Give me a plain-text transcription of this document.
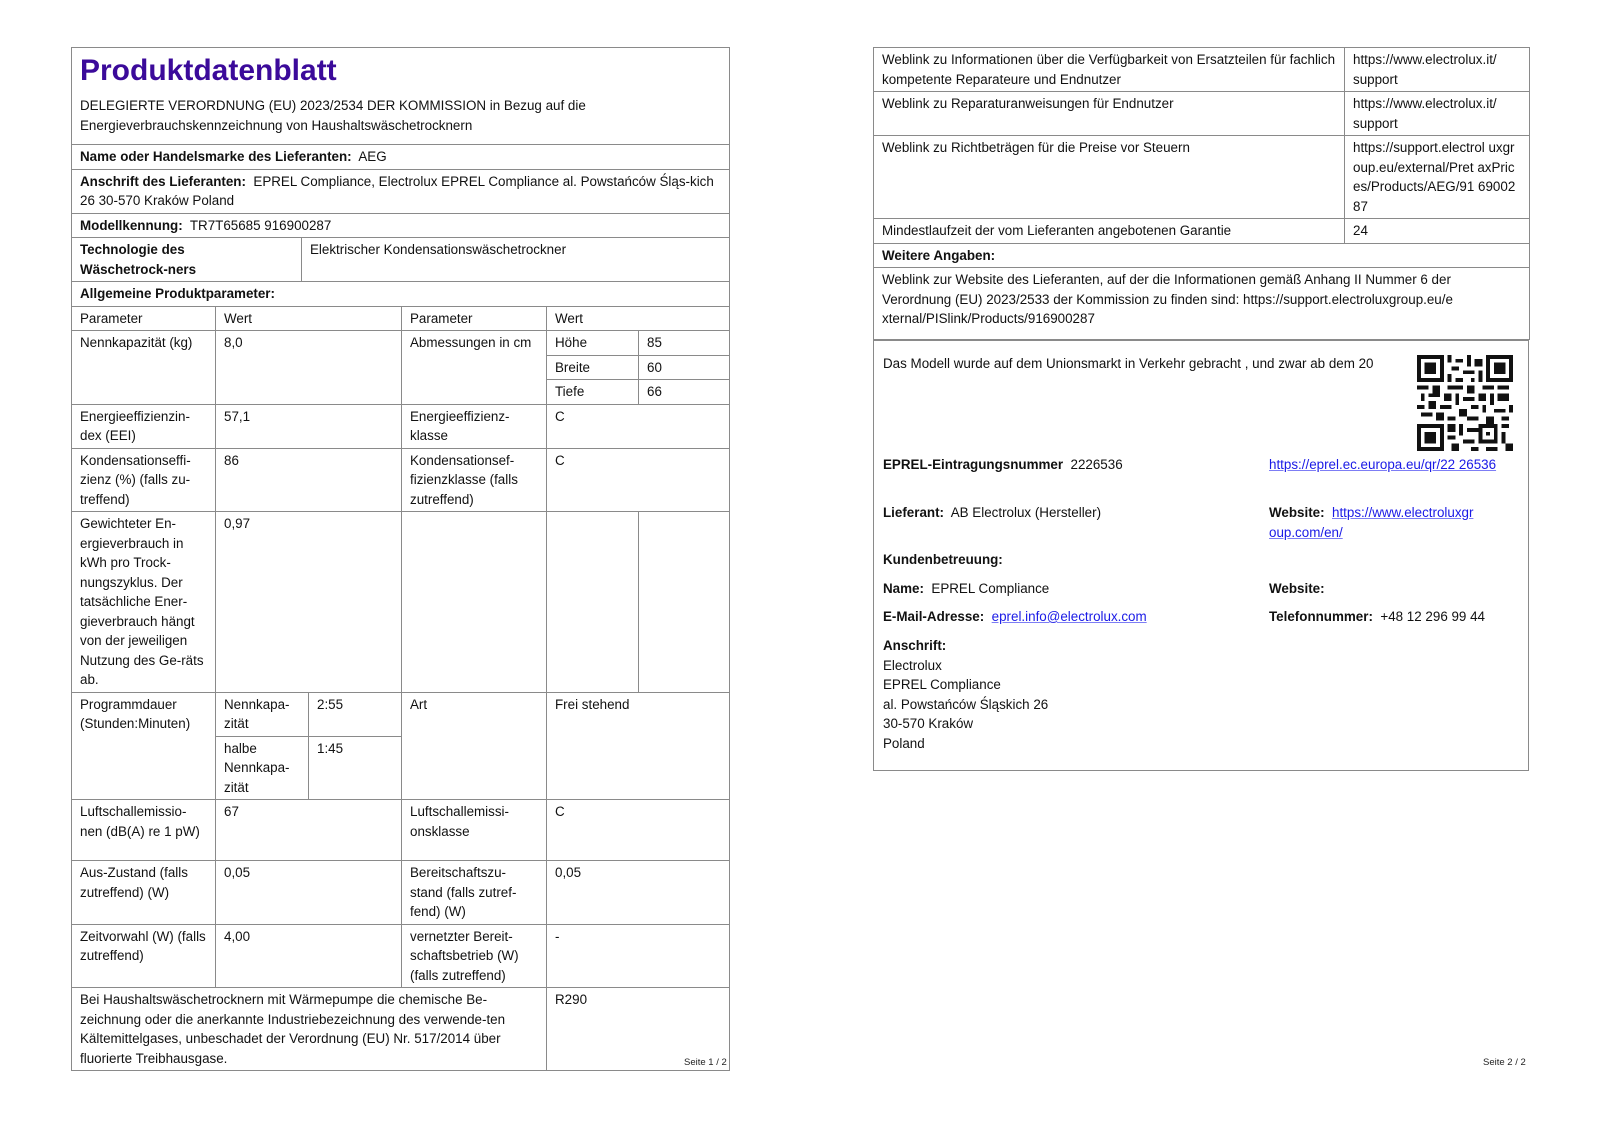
Produktdatenblatt
DELEGIERTE VERORDNUNG (EU) 2023/2534 DER KOMMISSION in Bezug auf die Energieverbrauchskennzeichnung von Haushaltswäschetrocknern

Name oder Handelsmarke des Lieferanten: AEG
Anschrift des Lieferanten: EPREL Compliance, Electrolux EPREL Compliance al. Powstańców Śląs-kich 26 30-570 Kraków Poland
Modellkennung: TR7T65685 916900287
Technologie des Wäschetrock-ners	Elektrischer Kondensationswäschetrockner
Allgemeine Produktparameter:
Parameter	Wert		Parameter	Wert	
Nennkapazität (kg)	8,0		Abmessungen in cm	Höhe	85
				Breite	60
				Tiefe	66
Energieeffizienzin-dex (EEI)	57,1		Energieeffizienz-klasse	C	
Kondensationseffi-zienz (%) (falls zu-treffend)	86		Kondensationsef-fizienzklasse (falls zutreffend)	C	
Gewichteter En-ergieverbrauch in kWh pro Trock-nungszyklus. Der tatsächliche Ener-gieverbrauch hängt von der jeweiligen Nutzung des Ge-räts ab.	0,97				
Programmdauer (Stunden:Minuten)	Nennkapa-zität	2:55	Art	Frei stehend	
	halbe Nennkapa-zität	1:45			
Luftschallemissio-nen (dB(A) re 1 pW)	67		Luftschallemissi-onsklasse	C	
Aus-Zustand (falls zutreffend) (W)	0,05		Bereitschaftszu-stand (falls zutref-fend) (W)	0,05	
Zeitvorwahl (W) (falls zutreffend)	4,00		vernetzter Bereit-schaftsbetrieb (W) (falls zutreffend)	-	
Bei Haushaltswäschetrocknern mit Wärmepumpe die chemische Be-zeichnung oder die anerkannte Industriebezeichnung des verwende-ten Kältemittelgases, unbeschadet der Verordnung (EU) Nr. 517/2014 über fluorierte Treibhausgase.				R290	
Seite 1 / 2
Weblink zu Informationen über die Verfügbarkeit von Ersatzteilen für fachlich kompetente Reparateure und Endnutzer	https://www.electrolux.it/ support
Weblink zu Reparaturanweisungen für Endnutzer	https://www.electrolux.it/ support
Weblink zu Richtbeträgen für die Preise vor Steuern	https://support.electrol uxgroup.eu/external/Pret axPrices/Products/AEG/91 6900287
Mindestlaufzeit der vom Lieferanten angebotenen Garantie	24
Weitere Angaben:	
Weblink zur Website des Lieferanten, auf der die Informationen gemäß Anhang II Nummer 6 der Verordnung (EU) 2023/2533 der Kommission zu finden sind: https://support.electroluxgroup.eu/e xternal/PISlink/Products/916900287	
Das Modell wurde auf dem Unionsmarkt in Verkehr gebracht , und zwar ab dem 20
EPREL-Eintragungsnummer 2226536	https://eprel.ec.europa.eu/qr/22 26536
Lieferant: AB Electrolux (Hersteller)	Website: https://www.electroluxgr oup.com/en/
Kundenbetreuung:
Name: EPREL Compliance	Website:
E-Mail-Adresse: eprel.info@electrolux.com	Telefonnummer: +48 12 296 99 44
Anschrift:
Electrolux
EPREL Compliance
al. Powstańców Śląskich 26
30-570 Kraków
Poland
Seite 2 / 2
